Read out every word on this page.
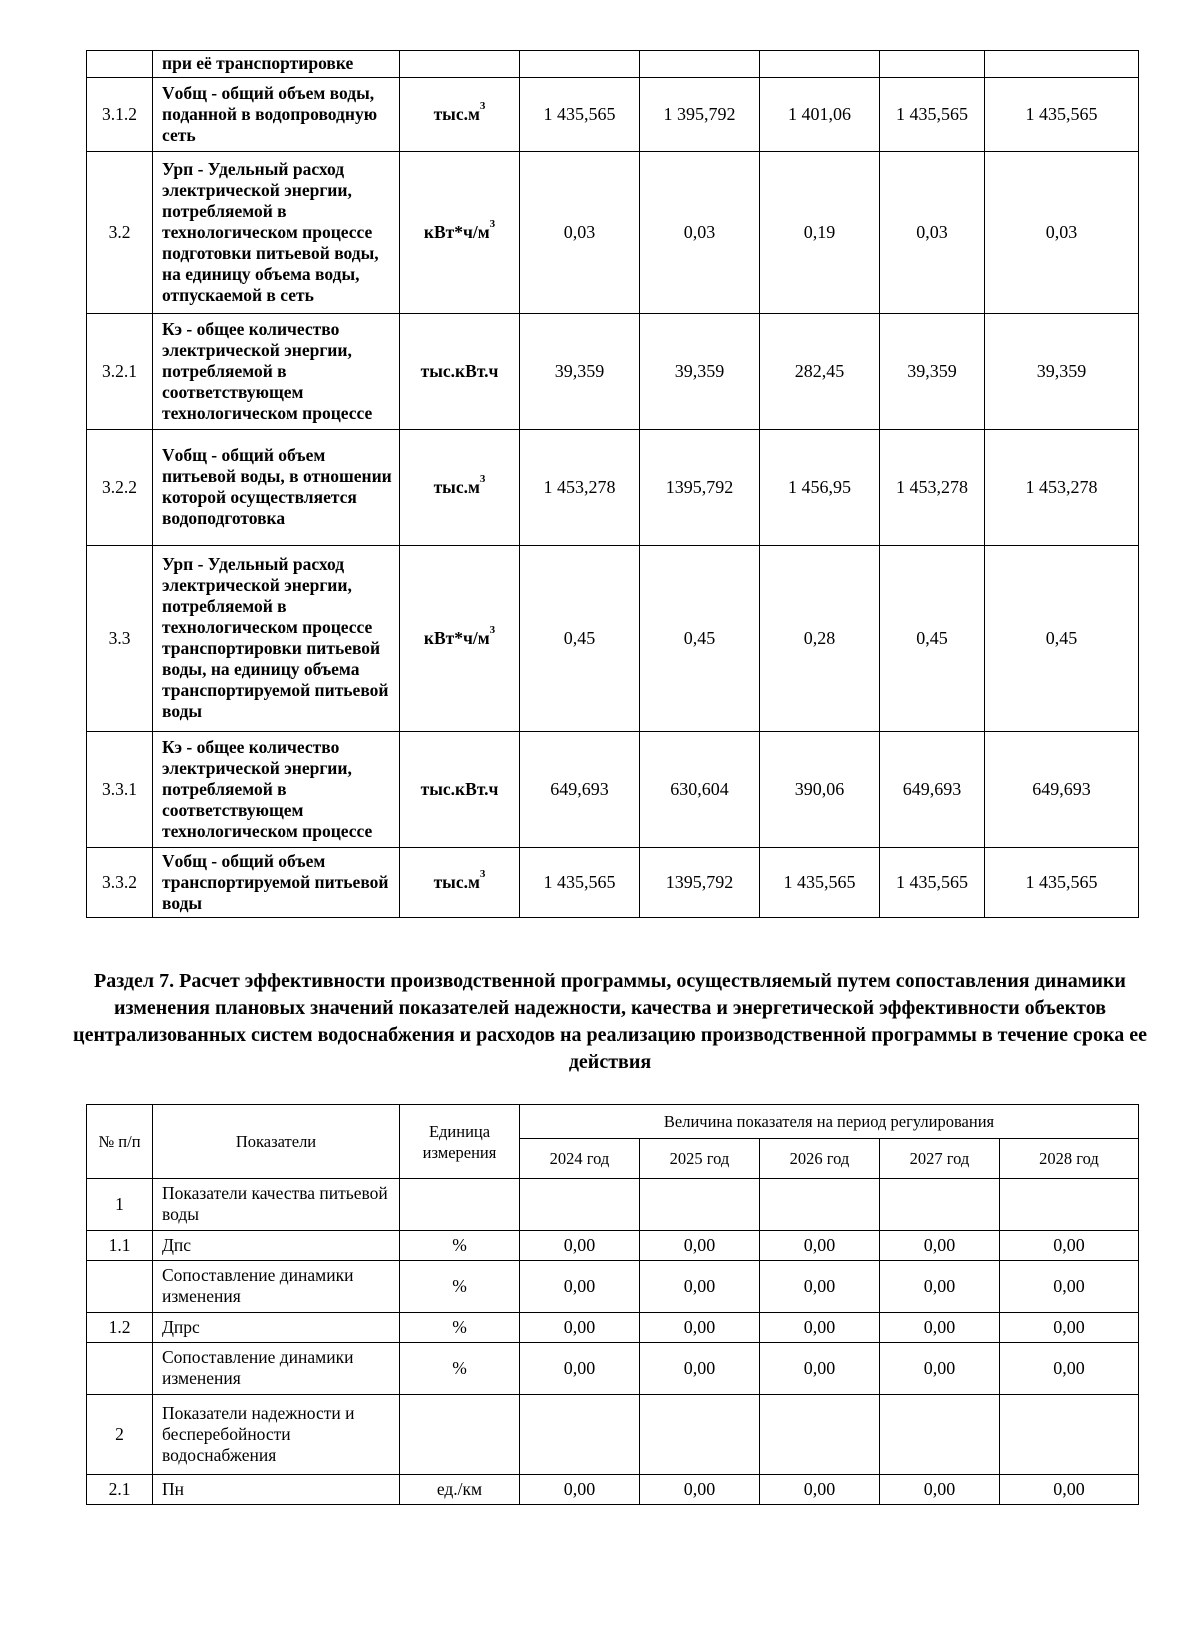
	при её транспортировке						
3.1.2	Vобщ - общий объем воды, поданной в водопроводную сеть	$тыс.м^3$	1 435,565	1 395,792	1 401,06	1 435,565	1 435,565
3.2	Урп - Удельный расход электрической энергии, потребляемой в технологическом процессе подготовки питьевой воды, на единицу объема воды, отпускаемой в сеть	$кВт*ч/м^3$	0,03	0,03	0,19	0,03	0,03
3.2.1	Кэ - общее количество электрической энергии, потребляемой в соответствующем технологическом процессе	тыс.кВт.ч	39,359	39,359	282,45	39,359	39,359
3.2.2	Vобщ - общий объем питьевой воды, в отношении которой осуществляется водоподготовка	$тыс.м^3$	1 453,278	1395,792	1 456,95	1 453,278	1 453,278
3.3	Урп - Удельный расход электрической энергии, потребляемой в технологическом процессе транспортировки питьевой воды, на единицу объема транспортируемой питьевой воды	$кВт*ч/м^3$	0,45	0,45	0,28	0,45	0,45
3.3.1	Кэ - общее количество электрической энергии, потребляемой в соответствующем технологическом процессе	тыс.кВт.ч	649,693	630,604	390,06	649,693	649,693
3.3.2	Vобщ - общий объем транспортируемой питьевой воды	$тыс.м^3$	1 435,565	1395,792	1 435,565	1 435,565	1 435,565
Раздел 7. Расчет эффективности производственной программы, осуществляемый путем сопоставления динамики изменения плановых значений показателей надежности, качества и энергетической эффективности объектов централизованных систем водоснабжения и расходов на реализацию производственной программы в течение срока ее действия
№ п/п	Показатели	Единица измерения	Величина показателя на период регулирования				
			2024 год	2025 год	2026 год	2027 год	2028 год
1	Показатели качества питьевой воды						
1.1	Дпс	%	0,00	0,00	0,00	0,00	0,00
	Сопоставление динамики изменения	%	0,00	0,00	0,00	0,00	0,00
1.2	Дпрс	%	0,00	0,00	0,00	0,00	0,00
	Сопоставление динамики изменения	%	0,00	0,00	0,00	0,00	0,00
2	Показатели надежности и бесперебойности водоснабжения						
2.1	Пн	ед./км	0,00	0,00	0,00	0,00	0,00
